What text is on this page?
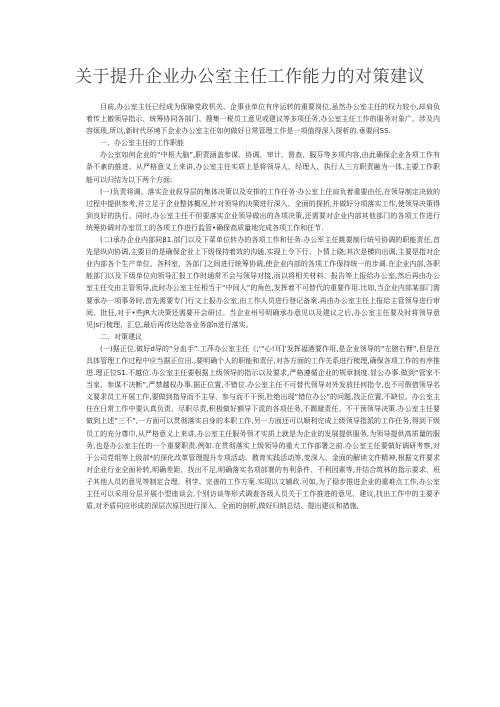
关于提升企业办公室主任工作能力的对策建议

目前,办公室主任已经成为保障党政机关、企事业单位有序运转的重要岗位,虽然办公室主任的权力较小,却肩负着传上傲领导指示、统筹协同各部门、搜集一税员工意见或建议等多项任务,办公室主任工作的服务对象广、涉及内容烦琐,所以,新时代环境下企业办公室主任如何做好日常管理工作是一项值得深入探析的.垂要问SS.

一、办公室主任的工作职能

办公室如何企业的“中枢大脑”,职责涵盖参谋、协调、审计、督查、服芬等多项内容,由此确保企业各项工作有条不紊的推进。从严格意义上来讲,办公室主任实质上是将领导人、经理人、执行人三方职责融为一体,主要工作职能可以归结为以下两个方面:

(一)负责将调、落实企业叙导层的集体决策以及安排的工作任务·办公室上任肩负着重要由任,在领导制定决彼的过程中提供参考,并立足于企业整体概况,针对领导的决策进行深入、全面的探析,并做好分项落实工作,使领导决策得到良好的执行。同时,办公室主任不但要落实企业领导做出的各项决策,还需要对企业内部其他部门的各项工作进行统筹协调对办室员工的各项工作进行监管•确保高质量地完成各项工作和任节.

(二)承办企业内部同β1.部门以及下菜单位转办的各项工作和任务.办公军主任跳要制行统号协调的职能责任,首先是纵向协调,主要目的是确保企业上下级保持着效的沟通,实现上令下行、卜情上晓;其次是横向出调,主要是指对企业内部各个生产单位、各科室、各部门之间进行统筹协调,使企业内部的各项工作保持统一的步调.在企业内部,各职能部门以及下级单位向领导汇报工作时通常不会与领导对接,而以将相关材料、报告等上报给办公室,然后再由办公室主任交由主管领导,此时办公室主任相当于“中间人”的角色,发挥着不可替代的重要作用.比如,当企业内部某部门需要承办一项事务时,首先需要专门行文上报办公室,由工作人员进行登记备案.再由办公室主任上报给主管领导进行审阅、批狂,对于•些JR大决策还需要开会研讨。当企业州号明确承办意见以及建议之后,办公室主任要及时将领导意见|s行梳理、汇总,最后再传达给各业务部n进行落实。

二、对策建议

(一)据正位,做好d导的“分血手”.工萍办公室主任《;‘“心!耳]’发挥福港要作用,是企业领导的“左膀右臂”,但是在具体管理工作过程中应当据正位田.,要明确个人的职能和责仔,对各方面的工作关系进行梳理,确保各项工作的有序推进.理正位S1.不越位.办公室主任要根据上级领导的指示以及要求,严格遵循企业的规章制度.显公办事.做到“管家不当家、参谋不决断”,严禁越权办事.据正位置,不错位.办公室主任不可替代领导对外发放任何指令,也不可假借领导名义要求员工开展工作,要做到指导而不主导、参与而不干预,杜绝出现“错位办公”的问题,找正位置,不缺位。办公室主任在日常工作中要认真负责、尽职尽责,积极做好额导下派的各项任务,不踢避责任、不干预领导决策.办公室主任要做到上述“三不”,一方面可以贯彻落实自身的本职工作,另一方面还可以顺利完成上级领导指派的工作任务,得到下级员工的充分尊巾,从严格意义上来讲,办公室主任服务领才实质上就是为企业的发展提供服务,为领导提供高质量的服务,也是办公室主任的一个重要职责.例如.在贯彻落实上级领导的重大工作部署之前.办公室主任要做好调研考察,对于公司党组等上级部*的深化改革管理提升专项活动、教育实践活动等,变深入、金面的解读文件精神,根据文件要求对企业行业全面补转,明确差距、找出不足,明确落实名项部署的有利条件、不利因素等,并结合筑林的指示要求、班子其他人员的意见等制定合理、利学、完善的工作方案.实现以文辅政.可如,为了稳步推进企业的重难点工作,办公室主任可以采用分层开展小型座谈会,个别访谈等形式调查各级人员关于工作推进的意见、建议,找出工作中的主要矛盾,对矛盾同应形成的深层次原因进行深入、全面的剖析,做好归纳总结、提出建议和措施,
